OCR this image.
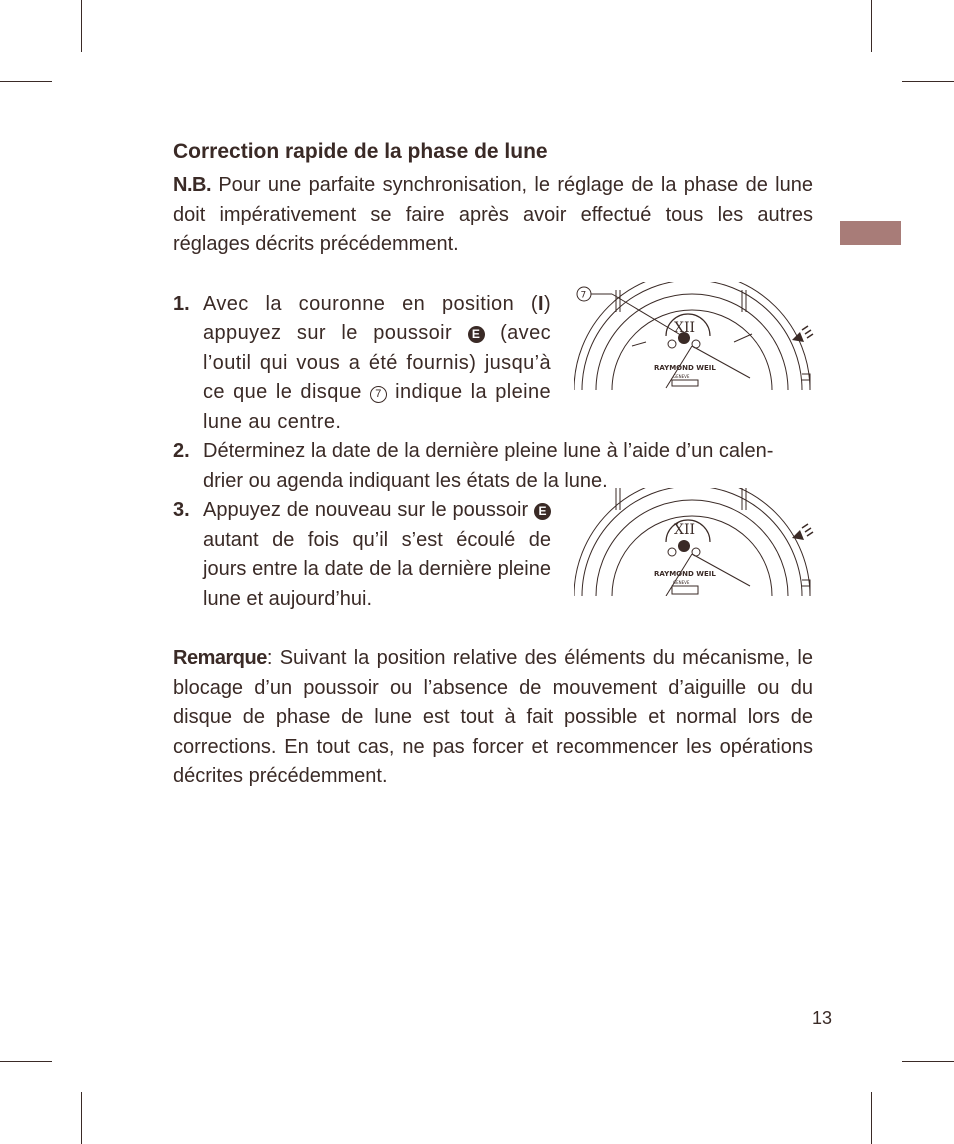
Correction rapide de la phase de lune

N.B. Pour une parfaite synchronisation, le réglage de la phase de lune doit impérativement se faire après avoir effectué tous les autres réglages décrits précédemment.

1. Avec la couronne en position (I) appuyez sur le poussoir E (avec l’outil qui vous a été fournis) jusqu’à ce que le disque 7 indique la pleine lune au centre.
7
XII
RAYMOND WEIL
GENEVE
2. Déterminez la date de la dernière pleine lune à l’aide d’un calen-drier ou agenda indiquant les états de la lune.
3. Appuyez de nouveau sur le poussoir E autant de fois qu’il s’est écoulé de jours entre la date de la dernière pleine lune et aujourd’hui.
XII
RAYMOND WEIL
GENEVE

Remarque: Suivant la position relative des éléments du mécanisme, le blocage d’un poussoir ou l’absence de mouvement d’aiguille ou du disque de phase de lune est tout à fait possible et normal lors de corrections. En tout cas, ne pas forcer et recommencer les opérations décrites précédemment.

13
